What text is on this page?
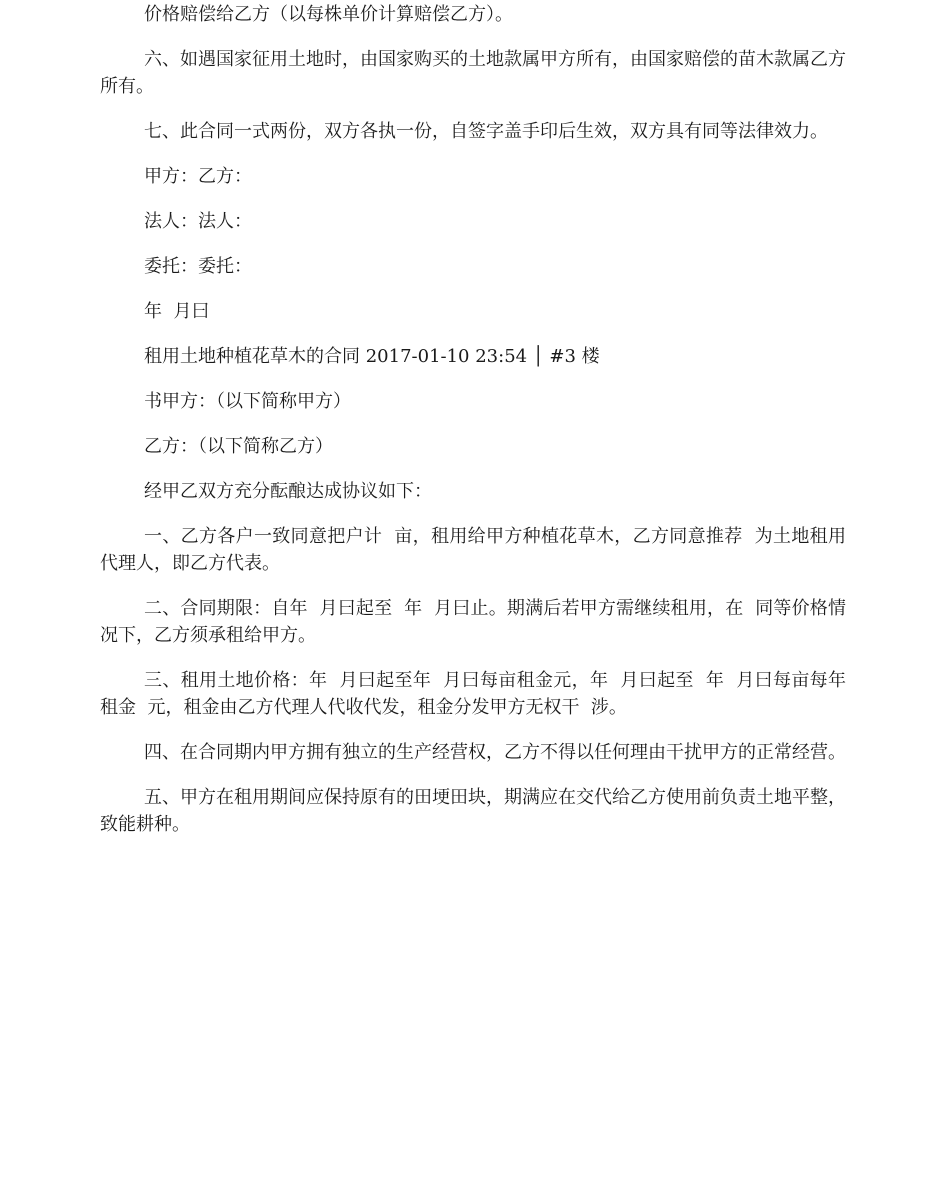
价格赔偿给乙方（以每株单价计算赔偿乙方）。

六、如遇国家征用土地时，由国家购买的土地款属甲方所有，由国家赔偿的苗木款属乙方所有。

七、此合同一式两份，双方各执一份，自签字盖手印后生效，双方具有同等法律效力。

甲方：乙方：

法人：法人：

委托：委托：

年  月曰

租用土地种植花草木的合同 2017-01-10 23:54 │ #3 楼

书甲方：（以下简称甲方）

乙方：（以下简称乙方）

经甲乙双方充分酝酿达成协议如下：

一、乙方各户一致同意把户计  亩，租用给甲方种植花草木，乙方同意推荐  为土地租用代理人，即乙方代表。

二、合同期限：自年  月曰起至  年  月曰止。期满后若甲方需继续租用，在  同等价格情况下，乙方须承租给甲方。

三、租用土地价格：年  月曰起至年  月曰每亩租金元，年  月曰起至  年  月曰每亩每年租金  元，租金由乙方代理人代收代发，租金分发甲方无权干  涉。

四、在合同期内甲方拥有独立的生产经营权，乙方不得以任何理由干扰甲方的正常经营。

五、甲方在租用期间应保持原有的田埂田块，期满应在交代给乙方使用前负责土地平整，致能耕种。
